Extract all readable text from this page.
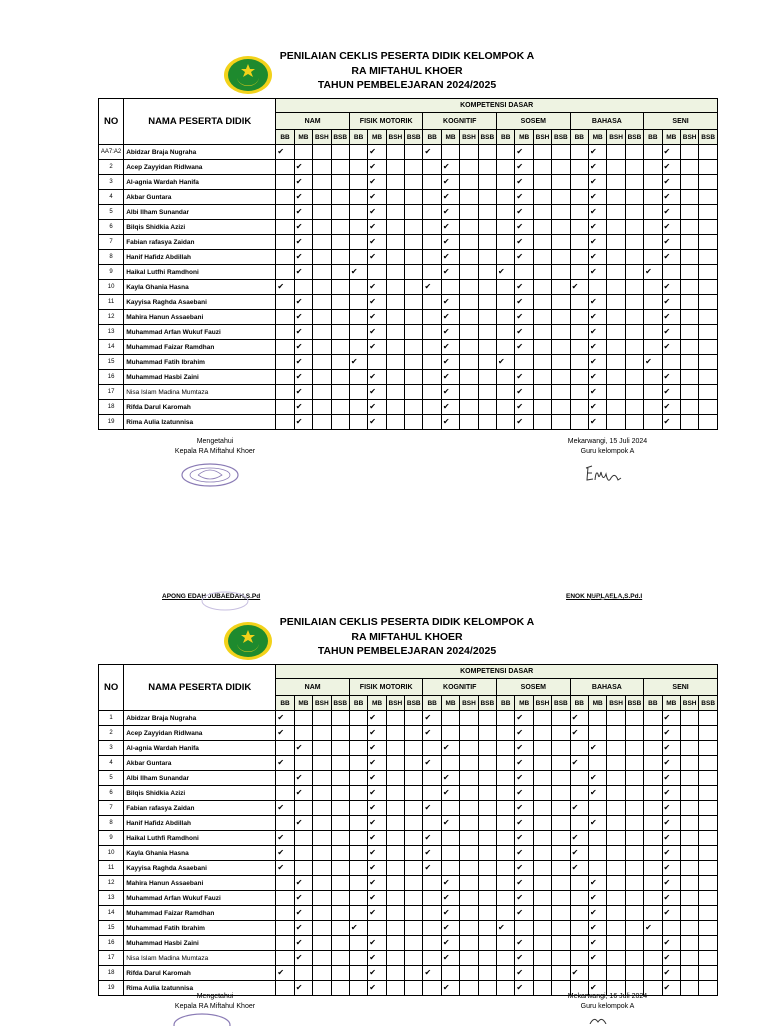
PENILAIAN CEKLIS PESERTA DIDIK KELOMPOK A
RA MIFTAHUL KHOER
TAHUN PEMBELEJARAN 2024/2025
NO	NAMA PESERTA DIDIK	KOMPETENSI DASAR																							
		NAM				FISIK MOTORIK				KOGNITIF				SOSEM				BAHASA				SENI			
		BB	MB	BSH	BSB	BB	MB	BSH	BSB	BB	MB	BSH	BSB	BB	MB	BSH	BSB	BB	MB	BSH	BSB	BB	MB	BSH	BSB
AA7:A2	Abidzar Braja Nugraha	✔					✔			✔					✔				✔				✔		
2	Acep Zayyidan Ridlwana		✔				✔				✔				✔				✔				✔		
3	Al-agnia Wardah Hanifa		✔				✔				✔				✔				✔				✔		
4	Akbar Guntara		✔				✔				✔				✔				✔				✔		
5	Albi Ilham Sunandar		✔				✔				✔				✔				✔				✔		
6	Bilqis Shidkia Azizi		✔				✔				✔				✔				✔				✔		
7	Fabian rafasya Zaidan		✔				✔				✔				✔				✔				✔		
8	Hanif Hafidz Abdillah		✔				✔				✔				✔				✔				✔		
9	Haikal Lutfhi Ramdhoni		✔			✔					✔			✔					✔			✔			
10	Kayla Ghania Hasna	✔					✔			✔					✔			✔					✔		
11	Kayyisa Raghda Asaebani		✔				✔				✔				✔				✔				✔		
12	Mahira Hanun Assaebani		✔				✔				✔				✔				✔				✔		
13	Muhammad Arfan Wukuf Fauzi		✔				✔				✔				✔				✔				✔		
14	Muhammad Faizar Ramdhan		✔				✔				✔				✔				✔				✔		
15	Muhammad Fatih Ibrahim		✔			✔					✔			✔					✔			✔			
16	Muhammad Hasbi Zaini		✔				✔				✔				✔				✔				✔		
17	Nisa Islam Madina Mumtaza		✔				✔				✔				✔				✔				✔		
18	Rifda Darul Karomah		✔				✔				✔				✔				✔				✔		
19	Rima Aulia Izatunnisa		✔				✔				✔				✔				✔				✔		
Mengetahui
Kepala RA Miftahul Khoer
Mekarwangi, 15 Juli 2024
Guru kelompok A
APONG EDAH JUBAEDAH,S.Pd	ENOK NURLAELA,S.Pd.I
PENILAIAN CEKLIS PESERTA DIDIK KELOMPOK A
RA MIFTAHUL KHOER
TAHUN PEMBELEJARAN 2024/2025
NO	NAMA PESERTA DIDIK	KOMPETENSI DASAR																							
		NAM				FISIK MOTORIK				KOGNITIF				SOSEM				BAHASA				SENI			
		BB	MB	BSH	BSB	BB	MB	BSH	BSB	BB	MB	BSH	BSB	BB	MB	BSH	BSB	BB	MB	BSH	BSB	BB	MB	BSH	BSB
1	Abidzar Braja Nugraha	✔					✔			✔					✔			✔					✔		
2	Acep Zayyidan Ridlwana	✔					✔			✔					✔			✔					✔		
3	Al-agnia Wardah Hanifa		✔				✔				✔				✔				✔				✔		
4	Akbar Guntara	✔					✔			✔					✔			✔					✔		
5	Albi Ilham Sunandar		✔				✔				✔				✔				✔				✔		
6	Bilqis Shidkia Azizi		✔				✔				✔				✔				✔				✔		
7	Fabian rafasya Zaidan	✔					✔			✔					✔			✔					✔		
8	Hanif Hafidz Abdillah		✔				✔				✔				✔				✔				✔		
9	Haikal Luthfi Ramdhoni	✔					✔			✔					✔			✔					✔		
10	Kayla Ghania Hasna	✔					✔			✔					✔			✔					✔		
11	Kayyisa Raghda Asaebani	✔					✔			✔					✔			✔					✔		
12	Mahira Hanun Assaebani		✔				✔				✔				✔				✔				✔		
13	Muhammad Arfan Wukuf Fauzi		✔				✔				✔				✔				✔				✔		
14	Muhammad Faizar Ramdhan		✔				✔				✔				✔				✔				✔		
15	Muhammad Fatih Ibrahim		✔			✔					✔			✔					✔			✔			
16	Muhammad Hasbi Zaini		✔				✔				✔				✔				✔				✔		
17	Nisa Islam Madina Mumtaza		✔				✔				✔				✔				✔				✔		
18	Rifda Darul Karomah	✔					✔			✔					✔			✔					✔		
19	Rima Aulia Izatunnisa		✔				✔				✔				✔				✔				✔		
Mengetahui
Kepala RA Miftahul Khoer
Mekarwangi, 16 Juli 2024
Guru kelompok A
